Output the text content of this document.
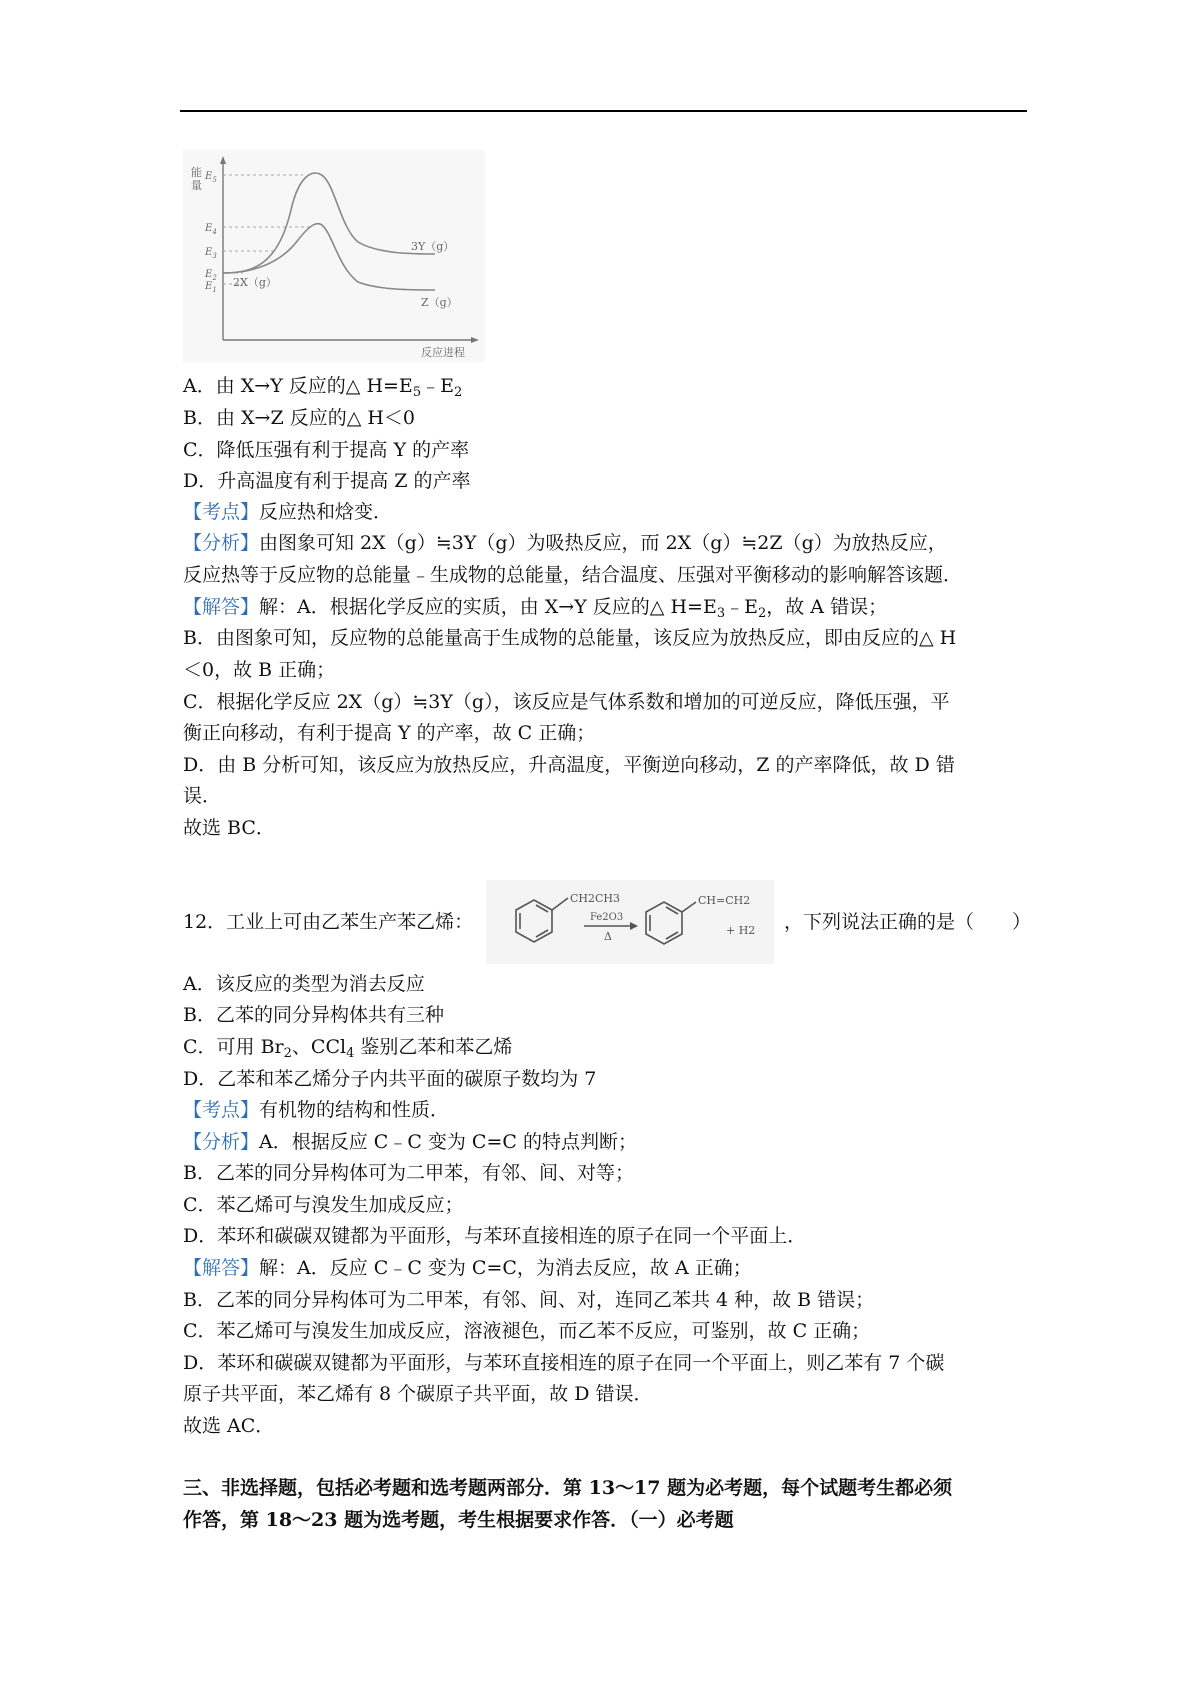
能 量
$E_5$
$E_4$
$E_3$
$E_2$
$E_1$
2X（g）
3Y（g）
Z（g）
反应进程
A．由 X→Y 反应的△ $H=E_5﹣E_2$
B．由 X→Z 反应的△ H＜0
C．降低压强有利于提高 Y 的产率
D．升高温度有利于提高 Z 的产率
【考点】反应热和焓变．
【分析】由图象可知 2X（g）≒3Y（g）为吸热反应，而 2X（g）≒2Z（g）为放热反应，
反应热等于反应物的总能量﹣生成物的总能量，结合温度、压强对平衡移动的影响解答该题．
【解答】解：A．根据化学反应的实质，由 X→Y 反应的△ $H=E_3﹣E_2$，故 A 错误；
B．由图象可知，反应物的总能量高于生成物的总能量，该反应为放热反应，即由反应的△ H
＜0，故 B 正确；
C．根据化学反应 2X（g）≒3Y（g），该反应是气体系数和增加的可逆反应，降低压强，平
衡正向移动，有利于提高 Y 的产率，故 C 正确；
D．由 B 分析可知，该反应为放热反应，升高温度，平衡逆向移动，Z 的产率降低，故 D 错
误．
故选 BC．
12．工业上可由乙苯生产苯乙烯：
CH2CH3
Fe2O3
Δ
CH=CH2
+ H2 ，下列说法正确的是（　　）
A．该反应的类型为消去反应
B．乙苯的同分异构体共有三种
C．可用 $Br_2$、CCl$_4$ 鉴别乙苯和苯乙烯
D．乙苯和苯乙烯分子内共平面的碳原子数均为 7
【考点】有机物的结构和性质．
【分析】A．根据反应 C﹣C 变为 C=C 的特点判断；
B．乙苯的同分异构体可为二甲苯，有邻、间、对等；
C．苯乙烯可与溴发生加成反应；
D．苯环和碳碳双键都为平面形，与苯环直接相连的原子在同一个平面上．
【解答】解：A．反应 C﹣C 变为 C=C，为消去反应，故 A 正确；
B．乙苯的同分异构体可为二甲苯，有邻、间、对，连同乙苯共 4 种，故 B 错误；
C．苯乙烯可与溴发生加成反应，溶液褪色，而乙苯不反应，可鉴别，故 C 正确；
D．苯环和碳碳双键都为平面形，与苯环直接相连的原子在同一个平面上，则乙苯有 7 个碳
原子共平面，苯乙烯有 8 个碳原子共平面，故 D 错误．
故选 AC．
三、非选择题，包括必考题和选考题两部分．第 13～17 题为必考题，每个试题考生都必须
作答，第 18～23 题为选考题，考生根据要求作答．（一）必考题
